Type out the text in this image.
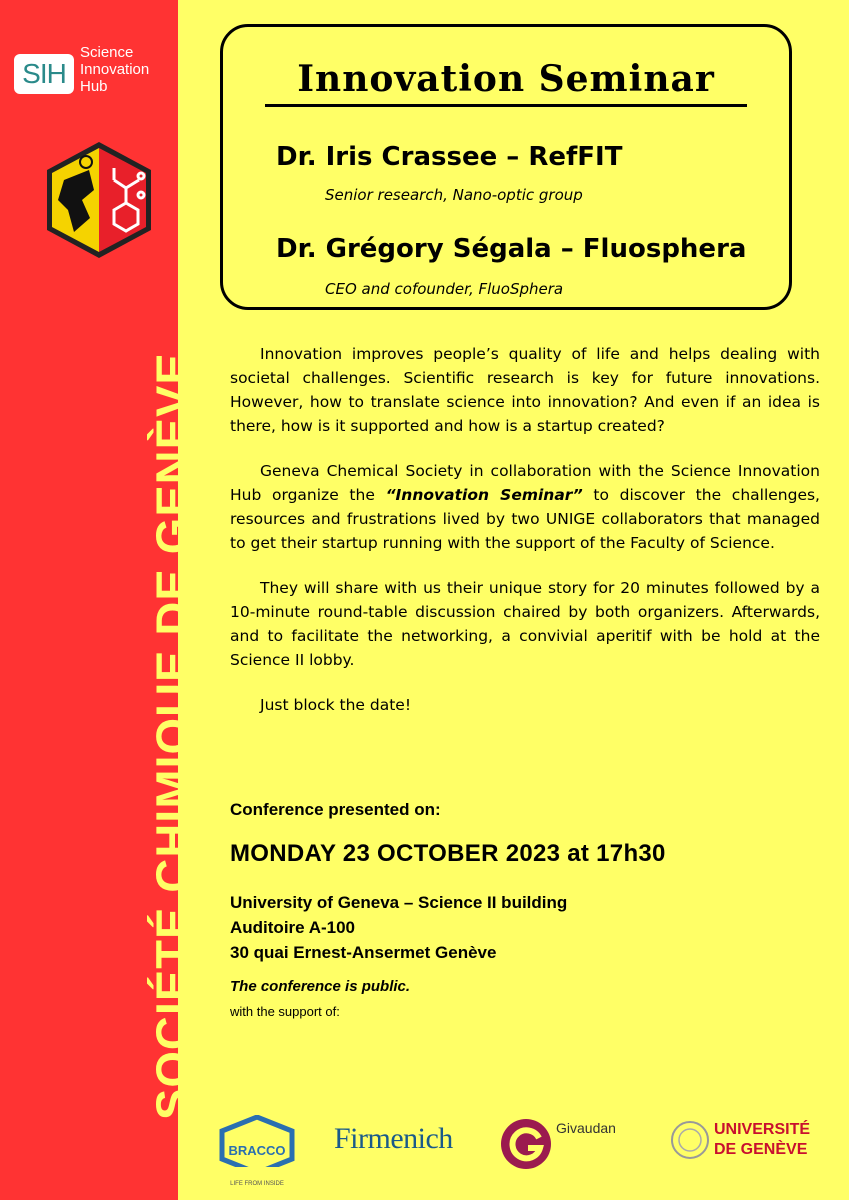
SIH
Science
Innovation
Hub
SOCIÉTÉ CHIMIQUE DE GENÈVE
Innovation Seminar
Dr. Iris Crassee – RefFIT
Senior research, Nano-optic group
Dr. Grégory Ségala – Fluosphera
CEO and cofounder, FluoSphera

Innovation improves people’s quality of life and helps dealing with societal challenges. Scientific research is key for future innovations. However, how to translate science into innovation? And even if an idea is there, how is it supported and how is a startup created?

Geneva Chemical Society in collaboration with the Science Innovation Hub organize the “Innovation Seminar” to discover the challenges, resources and frustrations lived by two UNIGE collaborators that managed to get their startup running with the support of the Faculty of Science.

They will share with us their unique story for 20 minutes followed by a 10-minute round-table discussion chaired by both organizers. Afterwards, and to facilitate the networking, a convivial aperitif with be hold at the Science II lobby.

Just block the date!

Conference presented on:
MONDAY 23 OCTOBER 2023 at 17h30
University of Geneva – Science II building
Auditoire A-100
30 quai Ernest-Ansermet Genève
The conference is public.
with the support of:
BRACCO
LIFE FROM INSIDE
Firmenich	Givaudan	UNIVERSITÉ
DE GENÈVE
